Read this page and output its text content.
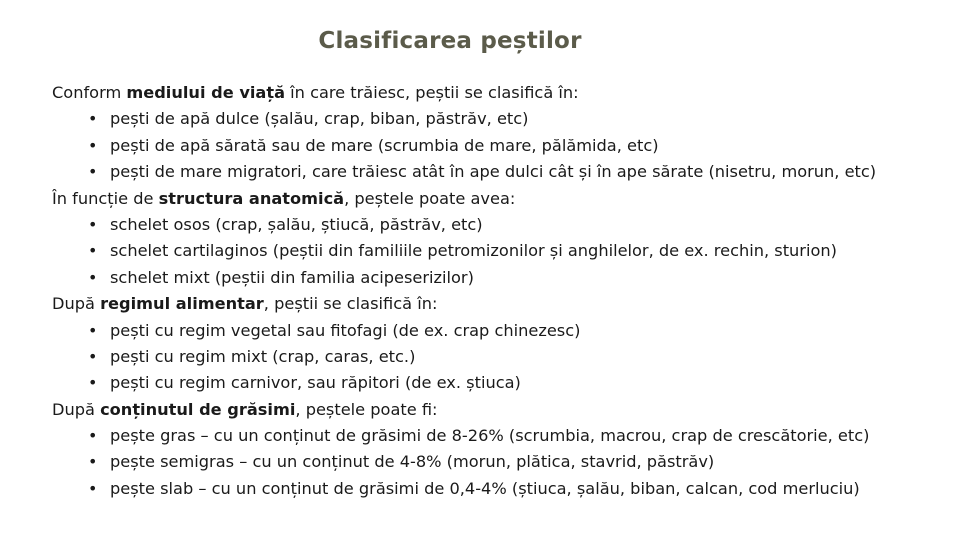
Clasificarea peștilor
Conform mediului de viață în care trăiesc, peștii se clasifică în:
• pești de apă dulce (șalău, crap, biban, păstrăv, etc)
• pești de apă sărată sau de mare (scrumbia de mare, pălămida, etc)
• pești de mare migratori, care trăiesc atât în ape dulci cât și în ape sărate (nisetru, morun, etc)
În funcție de structura anatomică, peștele poate avea:
• schelet osos (crap, șalău, știucă, păstrăv, etc)
• schelet cartilaginos (peștii din familiile petromizonilor și anghilelor, de ex. rechin, sturion)
• schelet mixt (peștii din familia acipeserizilor)
După regimul alimentar, peștii se clasifică în:
• pești cu regim vegetal sau fitofagi (de ex. crap chinezesc)
• pești cu regim mixt (crap, caras, etc.)
• pești cu regim carnivor, sau răpitori (de ex. știuca)
După conținutul de grăsimi, peștele poate fi:
• pește gras – cu un conținut de grăsimi de 8-26% (scrumbia, macrou, crap de crescătorie, etc)
• pește semigras – cu un conținut de 4-8% (morun, plătica, stavrid, păstrăv)
• pește slab – cu un conținut de grăsimi de 0,4-4% (știuca, șalău, biban, calcan, cod merluciu)
